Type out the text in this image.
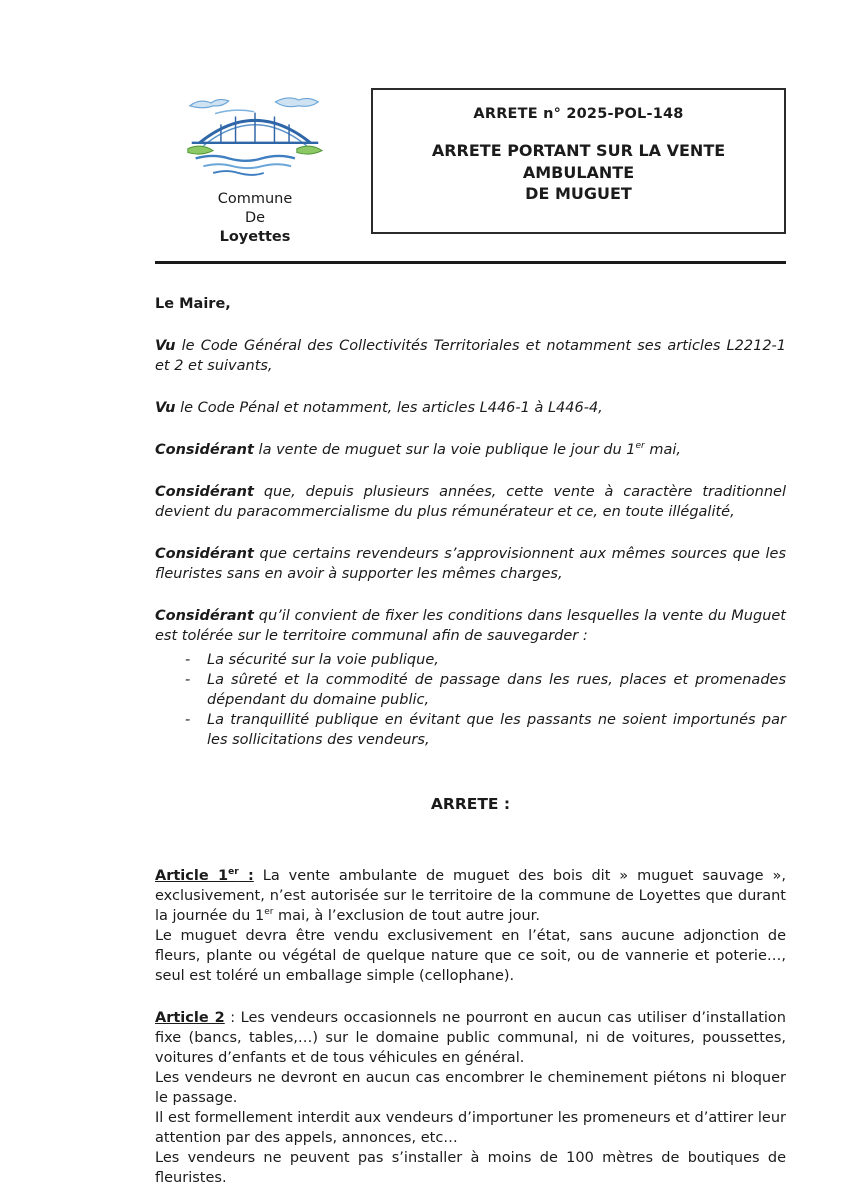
Commune
De
Loyettes
ARRETE n° 2025-POL-148
ARRETE PORTANT SUR LA VENTE AMBULANTE
DE MUGUET

Le Maire,

Vu le Code Général des Collectivités Territoriales et notamment ses articles L2212-1 et 2 et suivants,

Vu le Code Pénal et notamment, les articles L446-1 à L446-4,

Considérant la vente de muguet sur la voie publique le jour du 1er mai,

Considérant que, depuis plusieurs années, cette vente à caractère traditionnel devient du paracommercialisme du plus rémunérateur et ce, en toute illégalité,

Considérant que certains revendeurs s’approvisionnent aux mêmes sources que les fleuristes sans en avoir à supporter les mêmes charges,

Considérant qu’il convient de fixer les conditions dans lesquelles la vente du Muguet est tolérée sur le territoire communal afin de sauvegarder :

-	La sécurité sur la voie publique,
-	La sûreté et la commodité de passage dans les rues, places et promenades dépendant du domaine public,
-	La tranquillité publique en évitant que les passants ne soient importunés par les sollicitations des vendeurs,

ARRETE :

Article 1er : La vente ambulante de muguet des bois dit » muguet sauvage », exclusivement, n’est autorisée sur le territoire de la commune de Loyettes que durant la journée du 1er mai, à l’exclusion de tout autre jour.

Le muguet devra être vendu exclusivement en l’état, sans aucune adjonction de fleurs, plante ou végétal de quelque nature que ce soit, ou de vannerie et poterie…, seul est toléré un emballage simple (cellophane).

Article 2 : Les vendeurs occasionnels ne pourront en aucun cas utiliser d’installation fixe (bancs, tables,…) sur le domaine public communal, ni de voitures, poussettes, voitures d’enfants et de tous véhicules en général.

Les vendeurs ne devront en aucun cas encombrer le cheminement piétons ni bloquer le passage.

Il est formellement interdit aux vendeurs d’importuner les promeneurs et d’attirer leur attention par des appels, annonces, etc…

Les vendeurs ne peuvent pas s’installer à moins de 100 mètres de boutiques de fleuristes.
